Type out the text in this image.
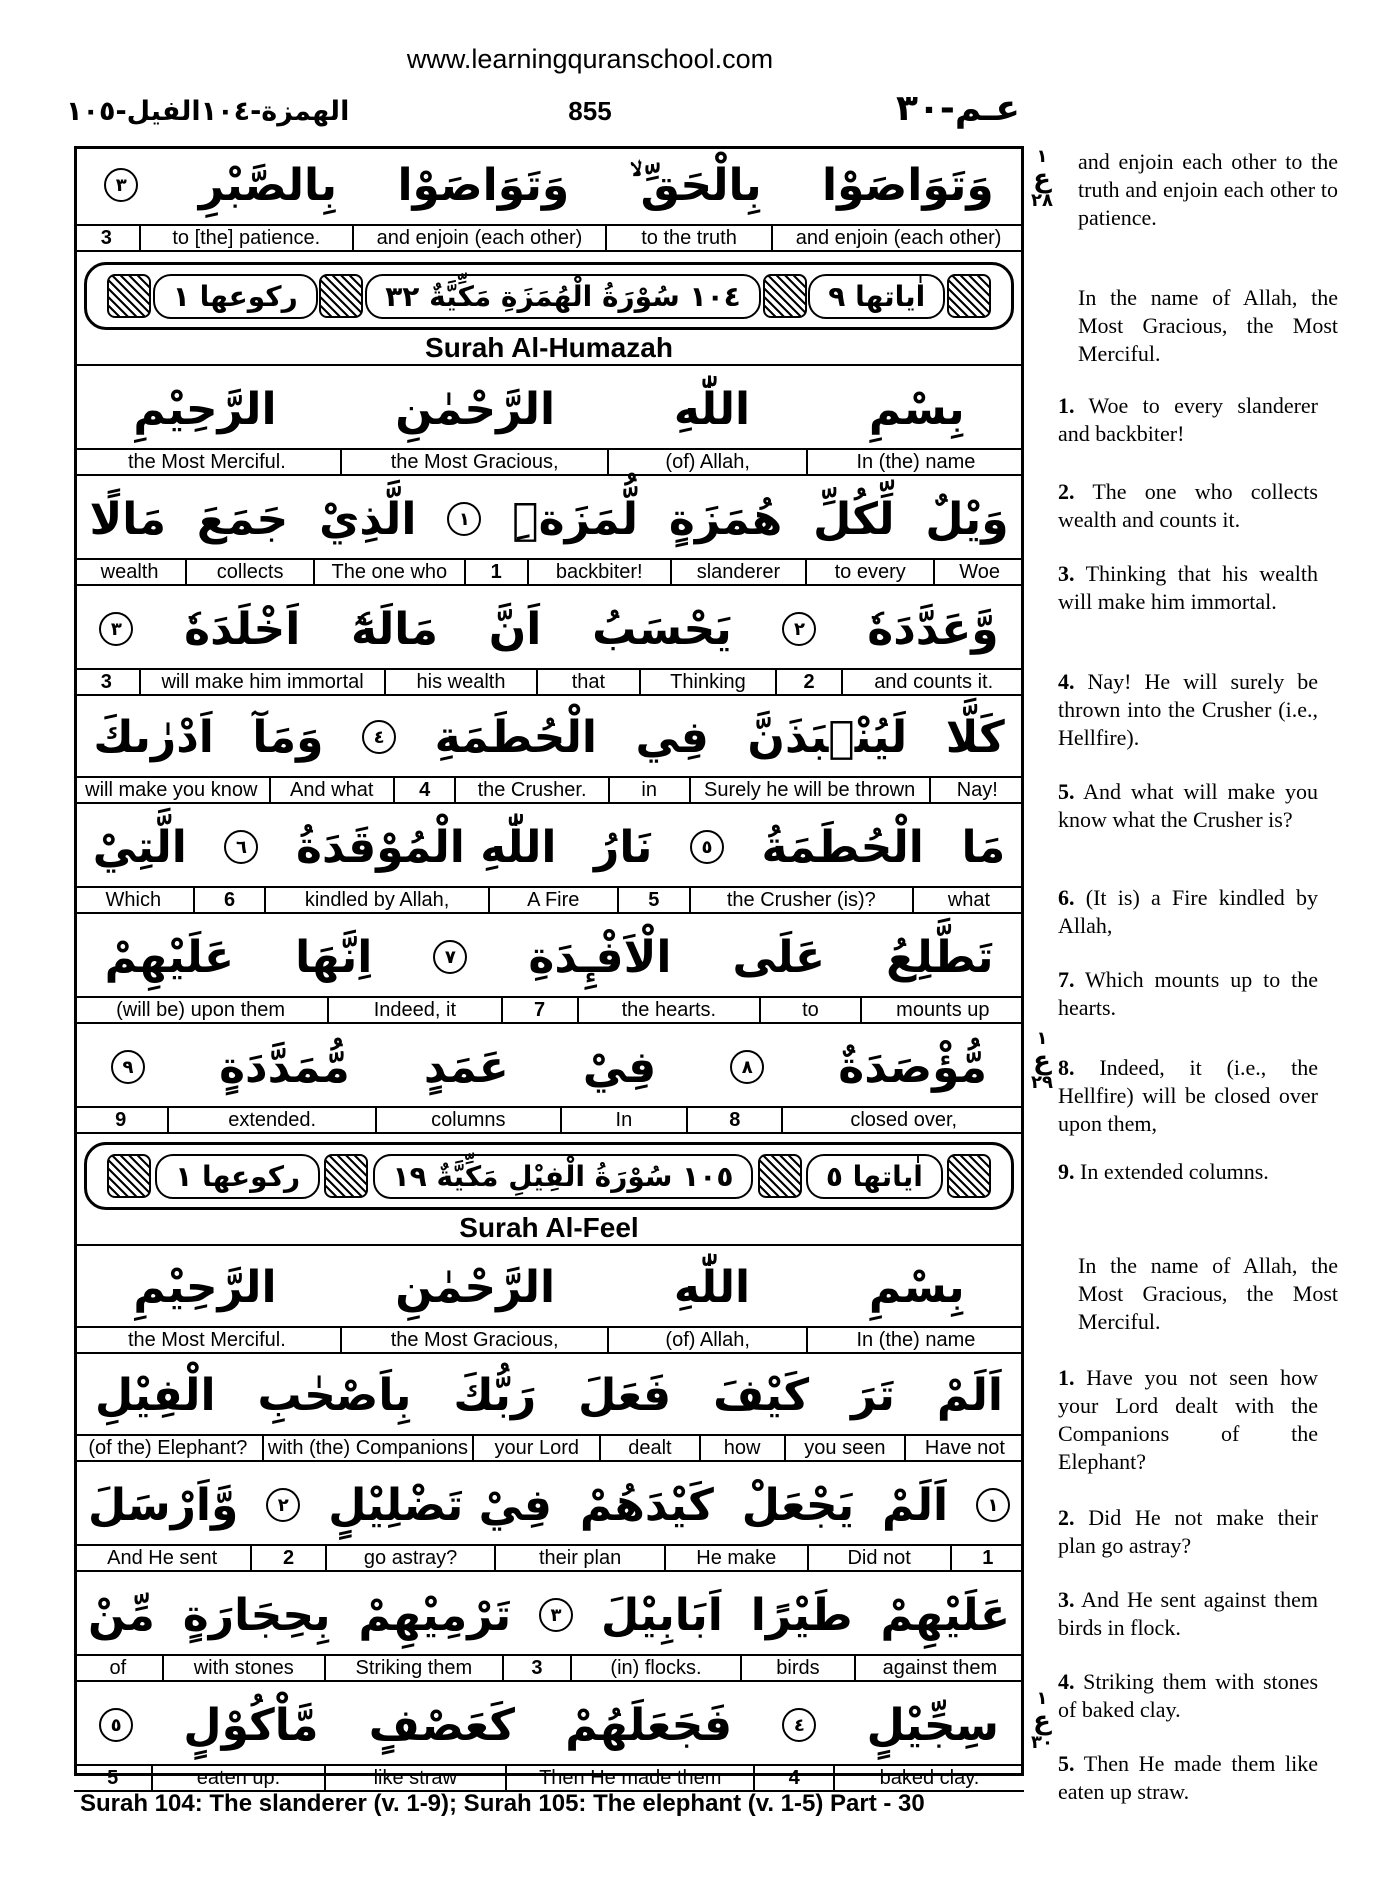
www.learningquranschool.com
الهمزة-١٠٤الفيل-١٠٥	855	عـم-٣٠
وَتَوَاصَوْا
بِالْحَقِّ ۙ
وَتَوَاصَوْا
بِالصَّبْرِ
٣
and enjoin (each other)
to the truth
and enjoin (each other)
to [the] patience.
3
اٰياتها ٩
١٠٤ سُوْرَةُ الْهُمَزَةِ مَكِّيَّةٌ ٣٢
ركوعها ١
Surah Al-Humazah
بِسْمِ
اللّٰهِ
الرَّحْمٰنِ
الرَّحِيْمِ
In (the) name
(of) Allah,
the Most Gracious,
the Most Merciful.
وَيْلٌ
لِّكُلِّ
هُمَزَةٍ
لُّمَزَةِۨ
١
الَّذِيْ
جَمَعَ
مَالًا
Woe
to every
slanderer
backbiter!
1
The one who
collects
wealth
وَّعَدَّدَهٗ
٢
يَحْسَبُ
اَنَّ
مَالَهٗٓ
اَخْلَدَهٗ
٣
and counts it.
2
Thinking
that
his wealth
will make him immortal
3
كَلَّا
لَيُنْۢبَذَنَّ
فِي
الْحُطَمَةِ
٤
وَمَآ
اَدْرٰىكَ
Nay!
Surely he will be thrown
in
the Crusher.
4
And what
will make you know
مَا
الْحُطَمَةُ
٥
نَارُ
اللّٰهِ الْمُوْقَدَةُ
٦
الَّتِيْ
what
the Crusher (is)?
5
A Fire
kindled by Allah,
6
Which
تَطَّلِعُ
عَلَى
الْاَفْـِٕدَةِ
٧
اِنَّهَا
عَلَيْهِمْ
mounts up
to
the hearts.
7
Indeed, it
(will be) upon them
مُّؤْصَدَةٌ
٨
فِيْ
عَمَدٍ
مُّمَدَّدَةٍ
٩
closed over,
8
In
columns
extended.
9
اٰياتها ٥
١٠٥ سُوْرَةُ الْفِيْلِ مَكِّيَّةٌ ١٩
ركوعها ١
Surah Al-Feel
بِسْمِ
اللّٰهِ
الرَّحْمٰنِ
الرَّحِيْمِ
In (the) name
(of) Allah,
the Most Gracious,
the Most Merciful.
اَلَمْ
تَرَ
كَيْفَ
فَعَلَ
رَبُّكَ
بِاَصْحٰبِ
الْفِيْلِ
Have not
you seen
how
dealt
your Lord
with (the) Companions
(of the) Elephant?
١
اَلَمْ
يَجْعَلْ
كَيْدَهُمْ
فِيْ تَضْلِيْلٍ
٢
وَّاَرْسَلَ
1
Did not
He make
their plan
go astray?
2
And He sent
عَلَيْهِمْ
طَيْرًا
اَبَابِيْلَ
٣
تَرْمِيْهِمْ
بِحِجَارَةٍ
مِّنْ
against them
birds
(in) flocks.
3
Striking them
with stones
of
سِجِّيْلٍ
٤
فَجَعَلَهُمْ
كَعَصْفٍ
مَّاْكُوْلٍ
٥
baked clay.
4
Then He made them
like straw
eaten up.
5
and enjoin each other to the truth and enjoin each other to patience.
In the name of Allah, the Most Gracious, the Most Merciful.
1. Woe to every slanderer and backbiter!
2. The one who collects wealth and counts it.
3. Thinking that his wealth will make him immortal.
4. Nay! He will surely be thrown into the Crusher (i.e., Hellfire).
5. And what will make you know what the Crusher is?
6. (It is) a Fire kindled by Allah,
7. Which mounts up to the hearts.
8. Indeed, it (i.e., the Hellfire) will be closed over upon them,
9. In extended columns.
In the name of Allah, the Most Gracious, the Most Merciful.
1. Have you not seen how your Lord dealt with the Companions of the Elephant?
2. Did He not make their plan go astray?
3. And He sent against them birds in flock.
4. Striking them with stones of baked clay.
5. Then He made them like eaten up straw.
١
ع
٢٨
١
ع
٢٩
١
ع
٣٠
Surah 104: The slanderer (v. 1-9); Surah 105: The elephant (v. 1-5) Part - 30
